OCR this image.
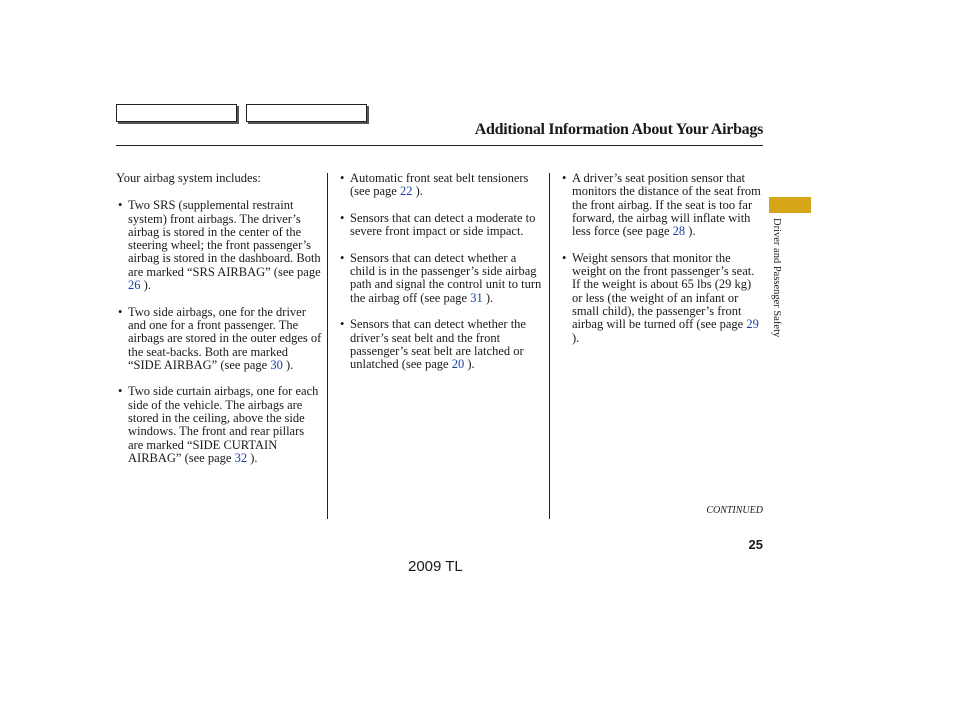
Additional Information About Your Airbags

Your airbag system includes:

• Two SRS (supplemental restraint system) front airbags. The driver’s airbag is stored in the center of the steering wheel; the front passenger’s airbag is stored in the dashboard. Both are marked “SRS AIRBAG” (see page 26 ).
• Two side airbags, one for the driver and one for a front passenger. The airbags are stored in the outer edges of the seat-backs. Both are marked “SIDE AIRBAG” (see page 30 ).
• Two side curtain airbags, one for each side of the vehicle. The airbags are stored in the ceiling, above the side windows. The front and rear pillars are marked “SIDE CURTAIN AIRBAG” (see page 32 ).
• Automatic front seat belt tensioners (see page 22 ).
• Sensors that can detect a moderate to severe front impact or side impact.
• Sensors that can detect whether a child is in the passenger’s side airbag path and signal the control unit to turn the airbag off (see page 31 ).
• Sensors that can detect whether the driver’s seat belt and the front passenger’s seat belt are latched or unlatched (see page 20 ).
• A driver’s seat position sensor that monitors the distance of the seat from the front airbag. If the seat is too far forward, the airbag will inflate with less force (see page 28 ).
• Weight sensors that monitor the weight on the front passenger’s seat. If the weight is about 65 lbs (29 kg) or less (the weight of an infant or small child), the passenger’s front airbag will be turned off (see page 29 ).
Driver and Passenger Safety
CONTINUED
25
2009 TL
